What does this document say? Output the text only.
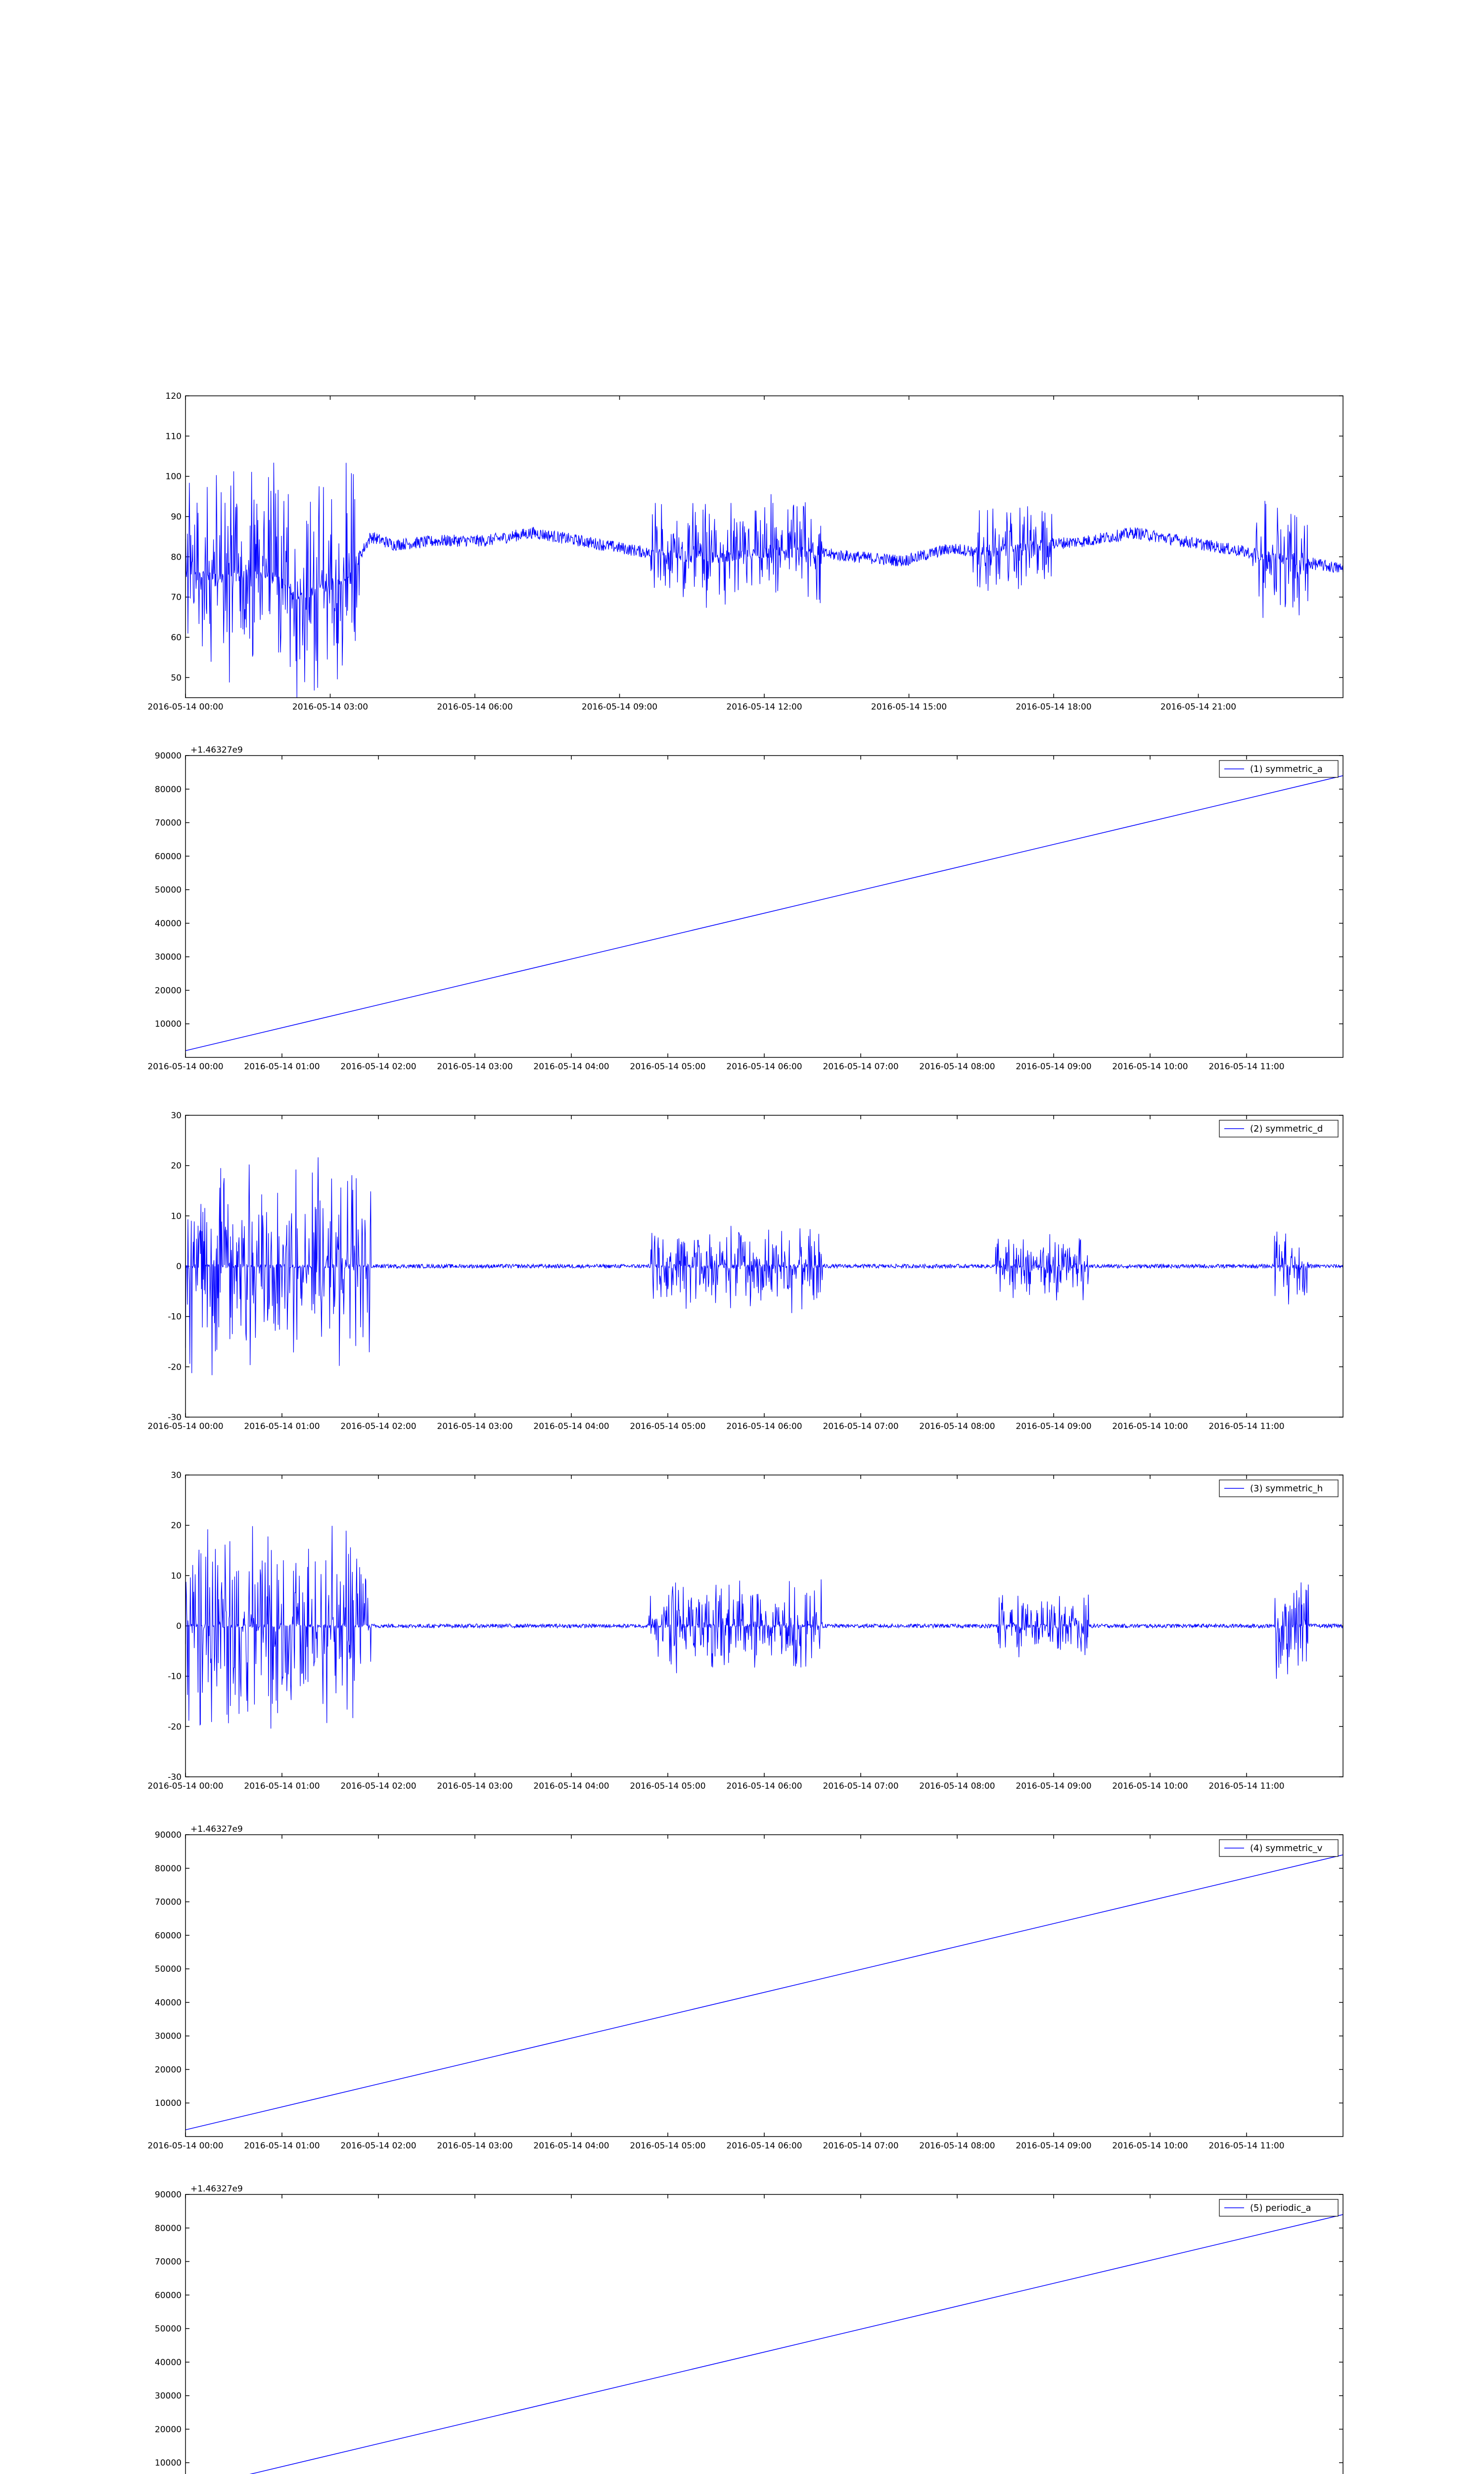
50
60
70
80
90
100
110
120
2016-05-14 00:00	2016-05-14 03:00	2016-05-14 06:00	2016-05-14 09:00	2016-05-14 12:00	2016-05-14 15:00	2016-05-14 18:00	2016-05-14 21:00
10000
20000
30000
40000
50000
60000
70000
80000
90000
2016-05-14 00:00 2016-05-14 01:00 2016-05-14 02:00 2016-05-14 03:00 2016-05-14 04:00 2016-05-14 05:00 2016-05-14 06:00 2016-05-14 07:00 2016-05-14 08:00 2016-05-14 09:00 2016-05-14 10:00 2016-05-14 11:00
+1.46327e9
(1) symmetric_a
-30
-20
-10
0
10
20
30
2016-05-14 00:00 2016-05-14 01:00 2016-05-14 02:00 2016-05-14 03:00 2016-05-14 04:00 2016-05-14 05:00 2016-05-14 06:00 2016-05-14 07:00 2016-05-14 08:00 2016-05-14 09:00 2016-05-14 10:00 2016-05-14 11:00
(2) symmetric_d
-30
-20
-10
0
10
20
30
2016-05-14 00:00 2016-05-14 01:00 2016-05-14 02:00 2016-05-14 03:00 2016-05-14 04:00 2016-05-14 05:00 2016-05-14 06:00 2016-05-14 07:00 2016-05-14 08:00 2016-05-14 09:00 2016-05-14 10:00 2016-05-14 11:00
(3) symmetric_h
10000
20000
30000
40000
50000
60000
70000
80000
90000
2016-05-14 00:00 2016-05-14 01:00 2016-05-14 02:00 2016-05-14 03:00 2016-05-14 04:00 2016-05-14 05:00 2016-05-14 06:00 2016-05-14 07:00 2016-05-14 08:00 2016-05-14 09:00 2016-05-14 10:00 2016-05-14 11:00
+1.46327e9
(4) symmetric_v
10000
20000
30000
40000
50000
60000
70000
80000
90000
+1.46327e9
(5) periodic_a
